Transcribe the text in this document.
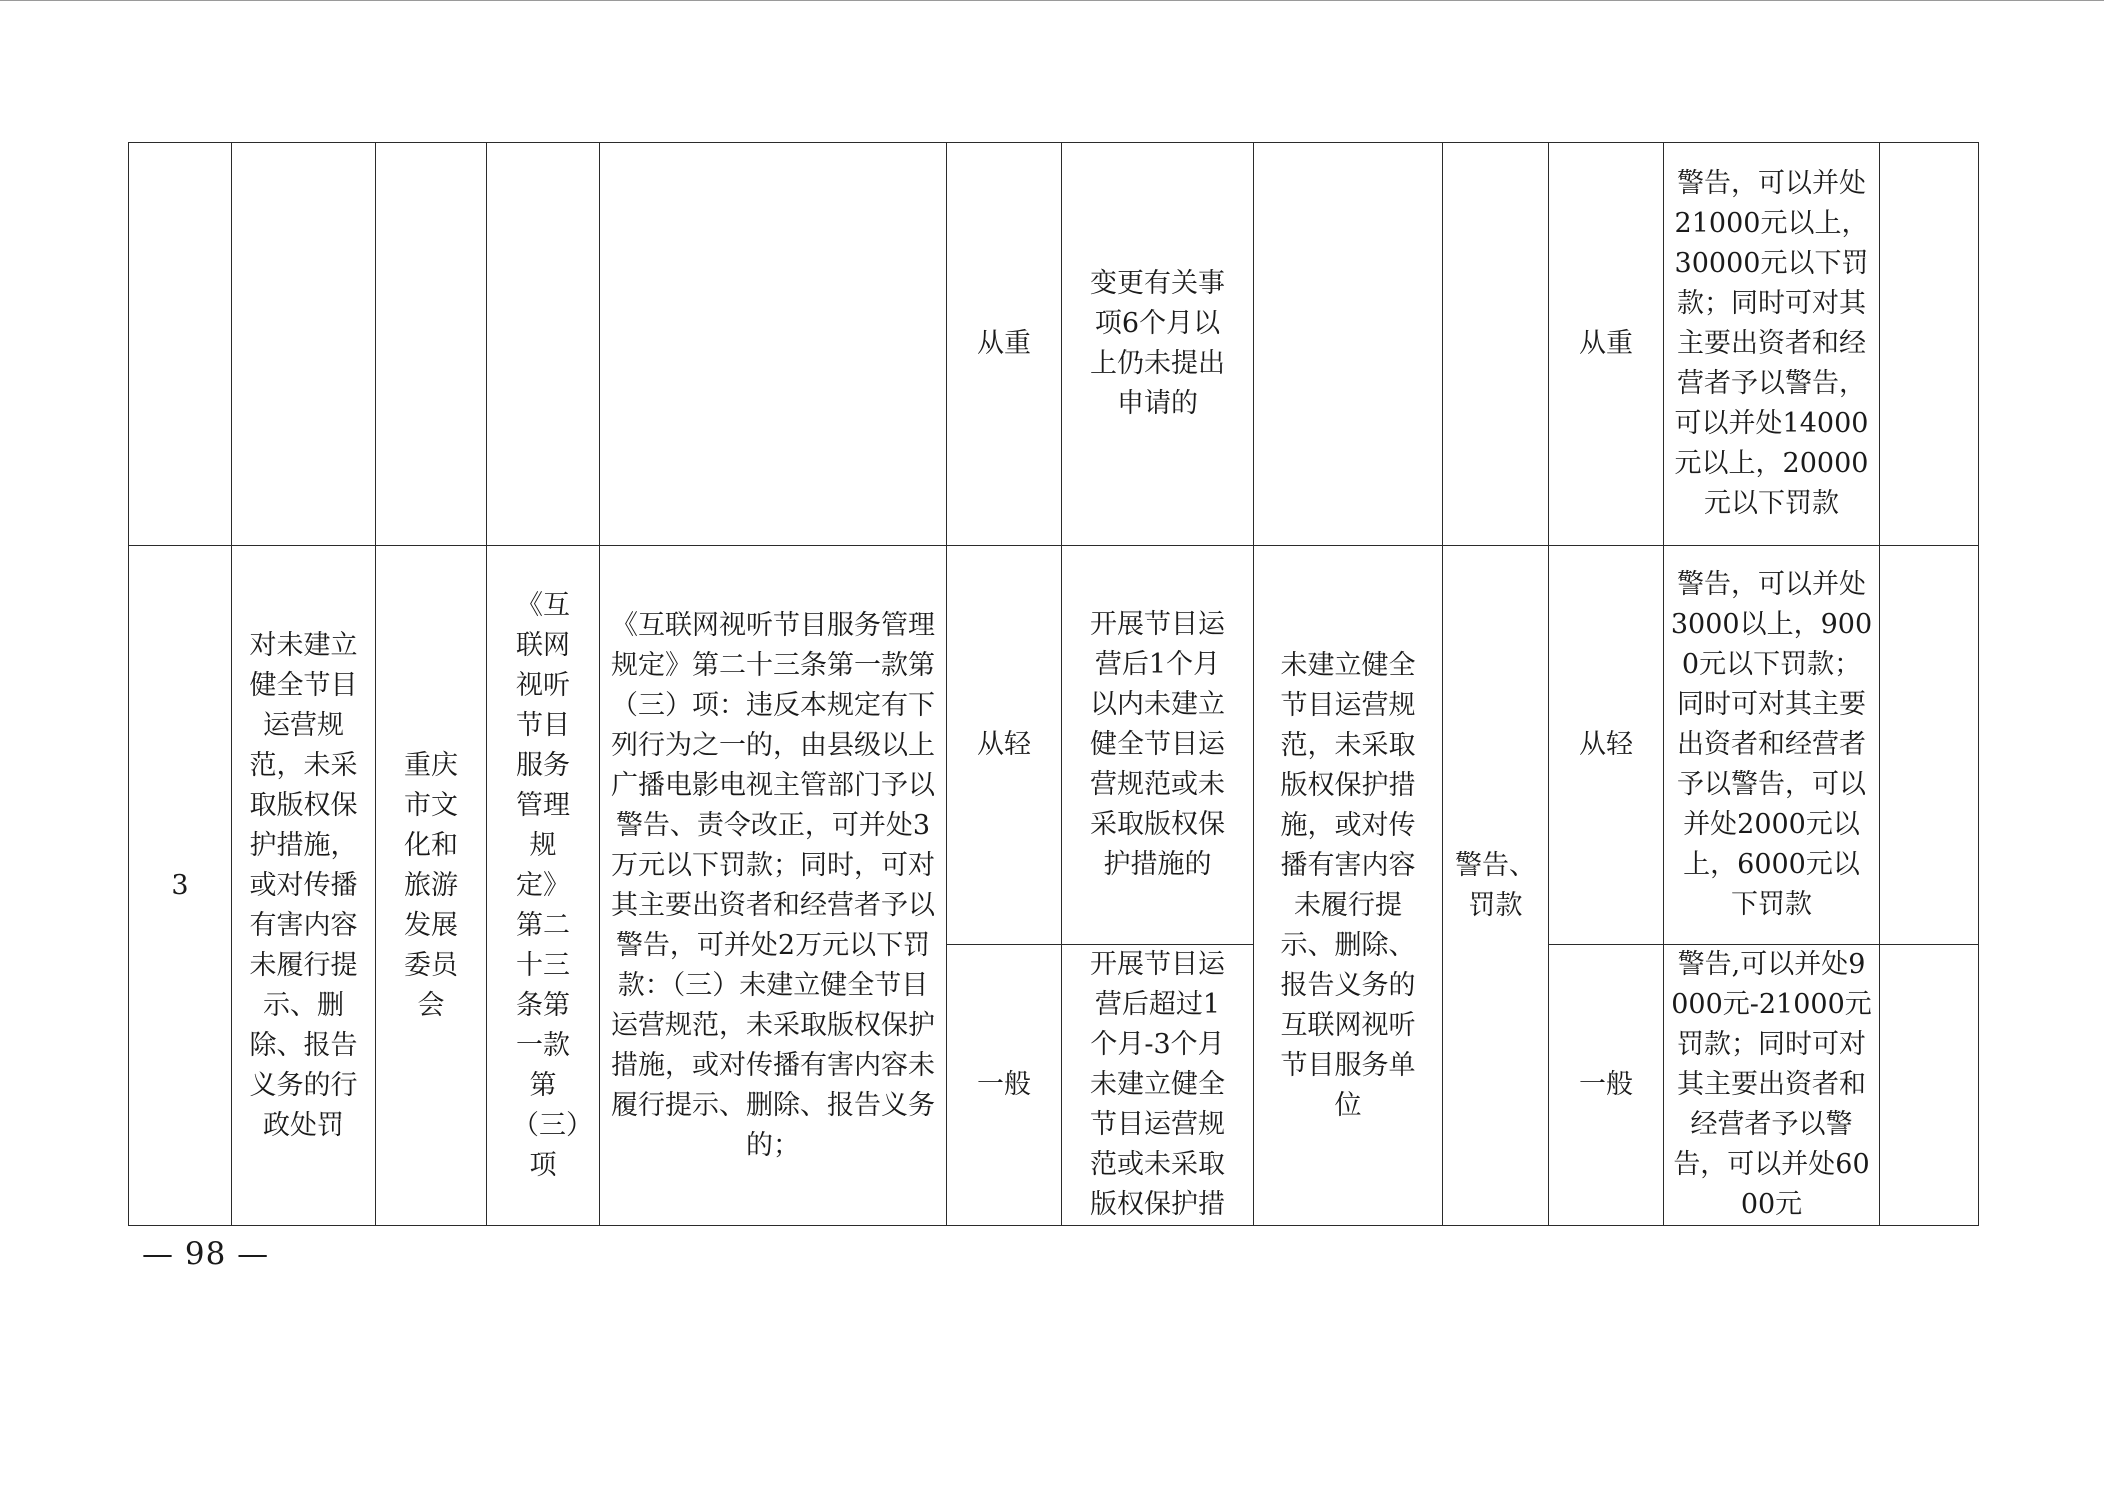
					从重	变更有关事项6个月以上仍未提出申请的			从重	警告，可以并处21000元以上，30000元以下罚款；同时可对其主要出资者和经营者予以警告，可以并处14000元以上，20000元以下罚款	

3	对未建立健全节目运营规范，未采取版权保护措施，或对传播有害内容未履行提示、删除、报告义务的行政处罚	重庆市文化和旅游发展委员会	《互联网视听节目服务管理规定》第二十三条第一款第（三）项	《互联网视听节目服务管理规定》第二十三条第一款第（三）项：违反本规定有下列行为之一的，由县级以上广播电影电视主管部门予以警告、责令改正，可并处3万元以下罚款；同时，可对其主要出资者和经营者予以警告，可并处2万元以下罚款：（三）未建立健全节目运营规范，未采取版权保护措施，或对传播有害内容未履行提示、删除、报告义务的；	从轻	开展节目运营后1个月以内未建立健全节目运营规范或未采取版权保护措施的	未建立健全节目运营规范，未采取版权保护措施，或对传播有害内容未履行提示、删除、报告义务的互联网视听节目服务单位	警告、罚款	从轻	警告，可以并处3000以上，9000元以下罚款；同时可对其主要出资者和经营者予以警告，可以并处2000元以上，6000元以下罚款	

					一般	开展节目运营后超过1个月-3个月未建立健全节目运营规范或未采取版权保护措			一般	警告,可以并处9000元-21000元罚款；同时可对其主要出资者和经营者予以警告，可以并处6000元	

— 98 —
